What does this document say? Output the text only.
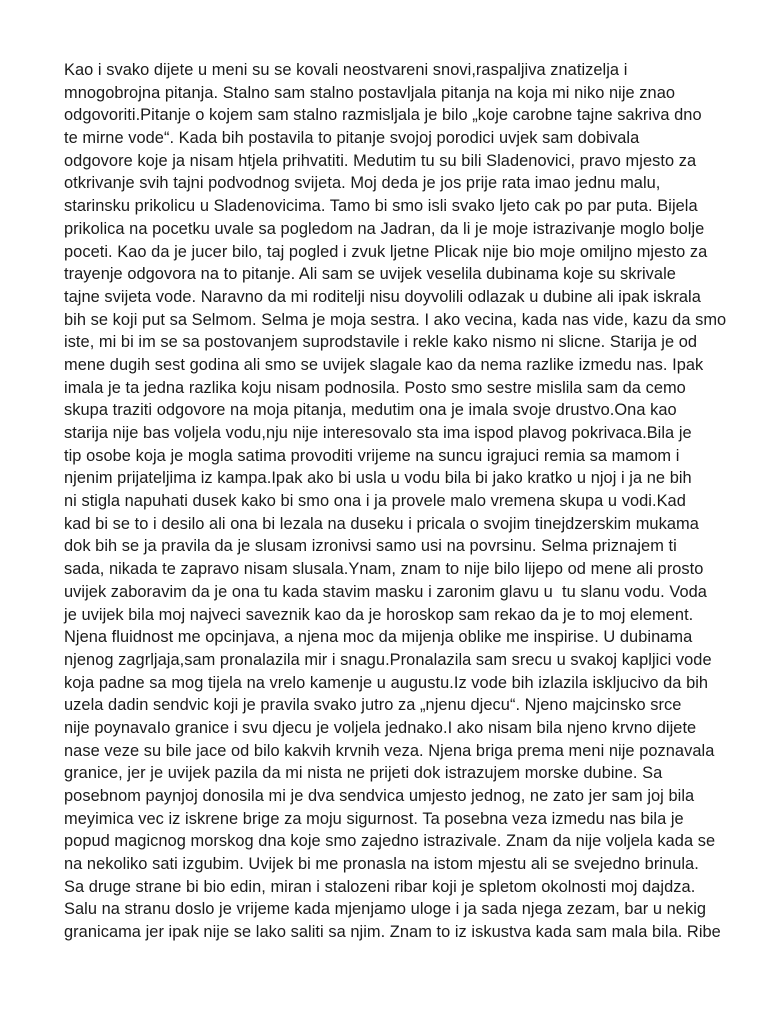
Kao i svako dijete u meni su se kovali neostvareni snovi,raspaljiva znatizelja i
mnogobrojna pitanja. Stalno sam stalno postavljala pitanja na koja mi niko nije znao
odgovoriti.Pitanje o kojem sam stalno razmisljala je bilo „koje carobne tajne sakriva dno
te mirne vode“. Kada bih postavila to pitanje svojoj porodici uvjek sam dobivala
odgovore koje ja nisam htjela prihvatiti. Medutim tu su bili Sladenovici, pravo mjesto za
otkrivanje svih tajni podvodnog svijeta. Moj deda je jos prije rata imao jednu malu,
starinsku prikolicu u Sladenovicima. Tamo bi smo isli svako ljeto cak po par puta. Bijela
prikolica na pocetku uvale sa pogledom na Jadran, da li je moje istrazivanje moglo bolje
poceti. Kao da je jucer bilo, taj pogled i zvuk ljetne Plicak nije bio moje omiljno mjesto za
trayenje odgovora na to pitanje. Ali sam se uvijek veselila dubinama koje su skrivale
tajne svijeta vode. Naravno da mi roditelji nisu doyvolili odlazak u dubine ali ipak iskrala
bih se koji put sa Selmom. Selma je moja sestra. I ako vecina, kada nas vide, kazu da smo
iste, mi bi im se sa postovanjem suprodstavile i rekle kako nismo ni slicne. Starija je od
mene dugih sest godina ali smo se uvijek slagale kao da nema razlike izmedu nas. Ipak
imala je ta jedna razlika koju nisam podnosila. Posto smo sestre mislila sam da cemo
skupa traziti odgovore na moja pitanja, medutim ona je imala svoje drustvo.Ona kao
starija nije bas voljela vodu,nju nije interesovalo sta ima ispod plavog pokrivaca.Bila je
tip osobe koja je mogla satima provoditi vrijeme na suncu igrajuci remia sa mamom i
njenim prijateljima iz kampa.Ipak ako bi usla u vodu bila bi jako kratko u njoj i ja ne bih
ni stigla napuhati dusek kako bi smo ona i ja provele malo vremena skupa u vodi.Kad
kad bi se to i desilo ali ona bi lezala na duseku i pricala o svojim tinejdzerskim mukama
dok bih se ja pravila da je slusam izronivsi samo usi na povrsinu. Selma priznajem ti
sada, nikada te zapravo nisam slusala.Ynam, znam to nije bilo lijepo od mene ali prosto
uvijek zaboravim da je ona tu kada stavim masku i zaronim glavu u  tu slanu vodu. Voda
je uvijek bila moj najveci saveznik kao da je horoskop sam rekao da je to moj element.
Njena fluidnost me opcinjava, a njena moc da mijenja oblike me inspirise. U dubinama
njenog zagrljaja,sam pronalazila mir i snagu.Pronalazila sam srecu u svakoj kapljici vode
koja padne sa mog tijela na vrelo kamenje u augustu.Iz vode bih izlazila iskljucivo da bih
uzela dadin sendvic koji je pravila svako jutro za „njenu djecu“. Njeno majcinsko srce
nije poynavaIo granice i svu djecu je voljela jednako.I ako nisam bila njeno krvno dijete
nase veze su bile jace od bilo kakvih krvnih veza. Njena briga prema meni nije poznavala
granice, jer je uvijek pazila da mi nista ne prijeti dok istrazujem morske dubine. Sa
posebnom paynjoj donosila mi je dva sendvica umjesto jednog, ne zato jer sam joj bila
meyimica vec iz iskrene brige za moju sigurnost. Ta posebna veza izmedu nas bila je
popud magicnog morskog dna koje smo zajedno istrazivale. Znam da nije voljela kada se
na nekoliko sati izgubim. Uvijek bi me pronasla na istom mjestu ali se svejedno brinula.
Sa druge strane bi bio edin, miran i stalozeni ribar koji je spletom okolnosti moj dajdza.
Salu na stranu doslo je vrijeme kada mjenjamo uloge i ja sada njega zezam, bar u nekig
granicama jer ipak nije se lako saliti sa njim. Znam to iz iskustva kada sam mala bila. Ribe
